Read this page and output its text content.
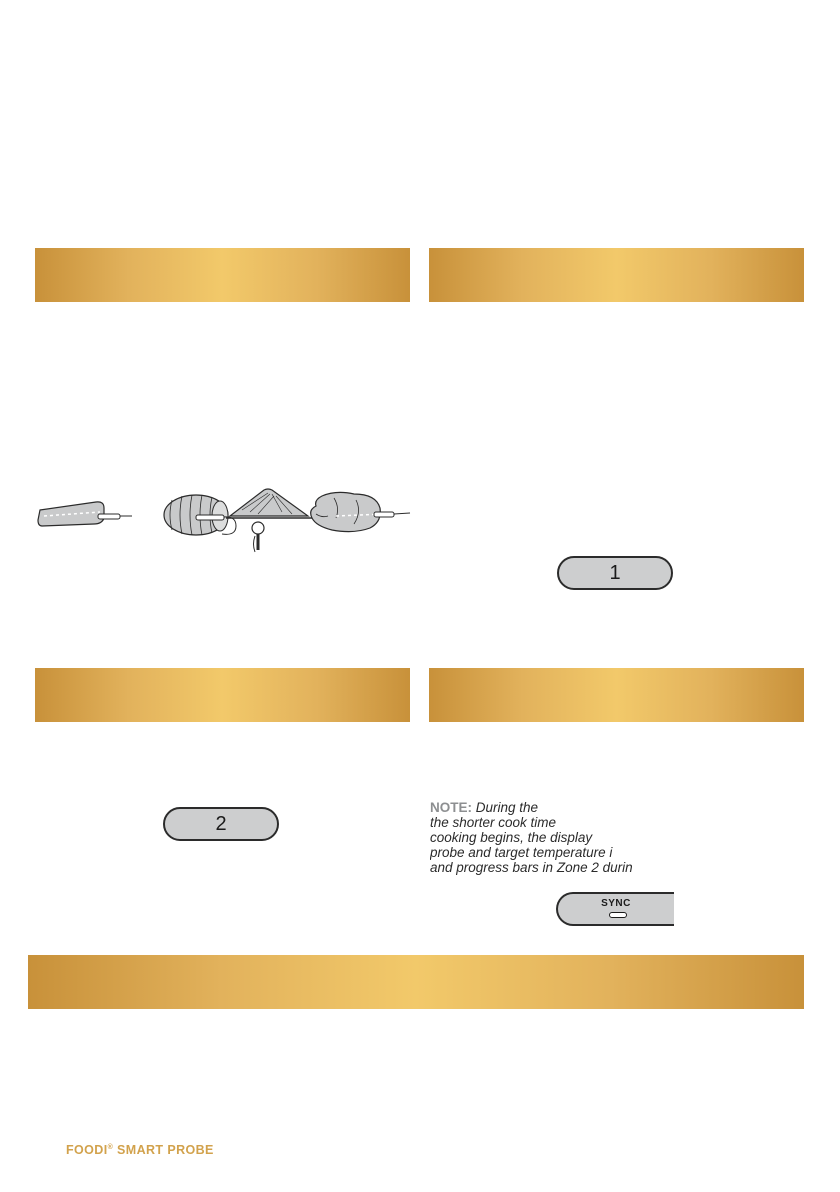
1
2
NOTE: During the
the shorter cook time
cooking begins, the display
probe and target temperature i
and progress bars in Zone 2 durin
SYNC
FOODI® SMART PROBE
